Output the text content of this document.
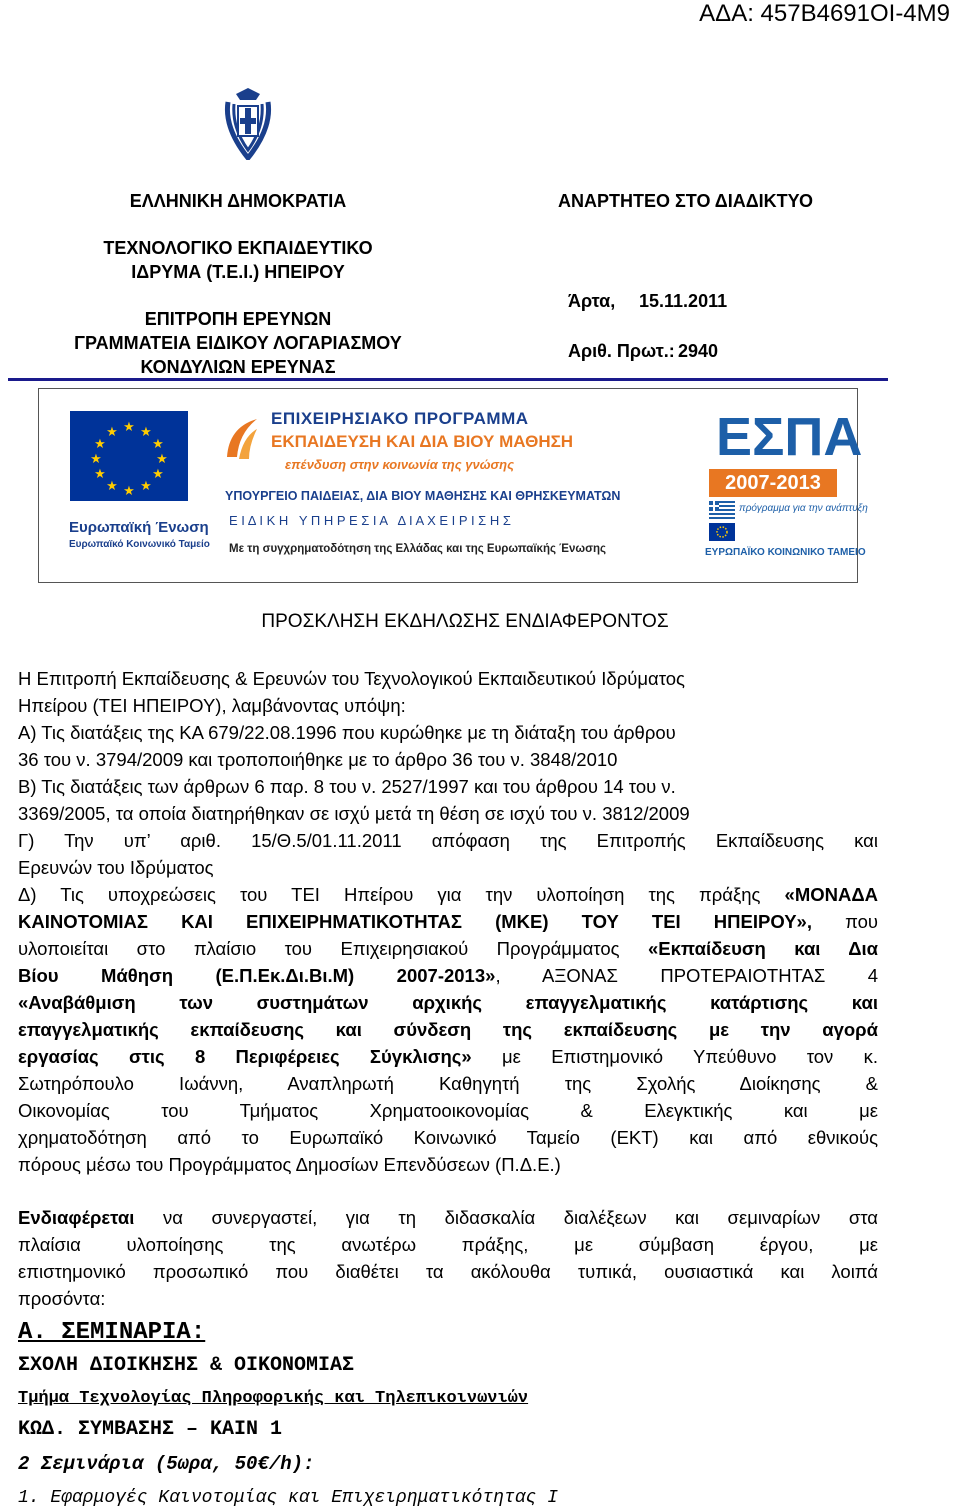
ΑΔΑ: 457Β4691ΟΙ-4Μ9
ΕΛΛΗΝΙΚΗ ΔΗΜΟΚΡΑΤΙΑ
ΤΕΧΝΟΛΟΓΙΚΟ ΕΚΠΑΙΔΕΥΤΙΚΟ
ΙΔΡΥΜΑ (Τ.Ε.Ι.) ΗΠΕΙΡΟΥ
ΕΠΙΤΡΟΠΗ ΕΡΕΥΝΩΝ
ΓΡΑΜΜΑΤΕΙΑ ΕΙΔΙΚΟΥ ΛΟΓΑΡΙΑΣΜΟΥ
ΚΟΝΔΥΛΙΩΝ ΕΡΕΥΝΑΣ
ΑΝΑΡΤΗΤΕΟ ΣΤΟ ΔΙΑΔΙΚΤΥΟ
Άρτα, 15.11.2011
Αριθ. Πρωτ.: 2940
★ ★
★
★
★
★
★
★
★
★
★
★
Ευρωπαϊκή Ένωση
Ευρωπαϊκό Κοινωνικό Ταμείο
ΕΠΙΧΕΙΡΗΣΙΑΚΟ ΠΡΟΓΡΑΜΜΑ
ΕΚΠΑΙΔΕΥΣΗ ΚΑΙ ΔΙΑ ΒΙΟΥ ΜΑΘΗΣΗ
επένδυση στην κοινωνία της γνώσης
ΥΠΟΥΡΓΕΙΟ ΠΑΙΔΕΙΑΣ, ΔΙΑ ΒΙΟΥ ΜΑΘΗΣΗΣ ΚΑΙ ΘΡΗΣΚΕΥΜΑΤΩΝ
Ε Ι Δ Ι Κ Η   Υ Π Η Ρ Ε Σ Ι Α   Δ Ι Α Χ Ε Ι Ρ Ι Σ Η Σ
Με τη συγχρηματοδότηση της Ελλάδας και της Ευρωπαϊκής Ένωσης
ΕΣΠΑ
2007-2013
πρόγραμμα για την ανάπτυξη
ΕΥΡΩΠΑΪΚΟ ΚΟΙΝΩΝΙΚΟ ΤΑΜΕΙΟ
ΠΡΟΣΚΛΗΣΗ ΕΚΔΗΛΩΣΗΣ ΕΝΔΙΑΦΕΡΟΝΤΟΣ
Η Επιτροπή Εκπαίδευσης & Ερευνών του Τεχνολογικού Εκπαιδευτικού Ιδρύματος
Ηπείρου (ΤΕΙ ΗΠΕΙΡΟΥ), λαμβάνοντας υπόψη:
Α) Τις διατάξεις της ΚΑ 679/22.08.1996 που κυρώθηκε με τη διάταξη του άρθρου
36 του ν. 3794/2009 και τροποποιήθηκε με το άρθρο 36 του ν. 3848/2010
Β) Τις διατάξεις των άρθρων 6 παρ. 8 του ν. 2527/1997 και του άρθρου 14 του ν.
3369/2005, τα οποία διατηρήθηκαν σε ισχύ μετά τη θέση σε ισχύ του ν. 3812/2009
Γ) Την υπ’ αριθ. 15/Θ.5/01.11.2011 απόφαση της Επιτροπής Εκπαίδευσης και
Ερευνών του Ιδρύματος
Δ) Τις υποχρεώσεις του ΤΕΙ Ηπείρου για την υλοποίηση της πράξης «ΜΟΝΑΔΑ
ΚΑΙΝΟΤΟΜΙΑΣ ΚΑΙ ΕΠΙΧΕΙΡΗΜΑΤΙΚΟΤΗΤΑΣ (ΜΚΕ) ΤΟΥ ΤΕΙ ΗΠΕΙΡΟΥ», που
υλοποιείται στο πλαίσιο του Επιχειρησιακού Προγράμματος «Εκπαίδευση και Δια
Βίου Μάθηση (Ε.Π.Εκ.Δι.Βι.Μ) 2007-2013», ΑΞΟΝΑΣ ΠΡΟΤΕΡΑΙΟΤΗΤΑΣ 4
«Αναβάθμιση των συστημάτων αρχικής επαγγελματικής κατάρτισης και
επαγγελματικής εκπαίδευσης και σύνδεση της εκπαίδευσης με την αγορά
εργασίας στις 8 Περιφέρειες Σύγκλισης» με Επιστημονικό Υπεύθυνο τον κ.
Σωτηρόπουλο Ιωάννη, Αναπληρωτή Καθηγητή της Σχολής Διοίκησης &
Οικονομίας του Τμήματος Χρηματοοικονομίας & Ελεγκτικής και με
χρηματοδότηση από το Ευρωπαϊκό Κοινωνικό Ταμείο (ΕΚΤ) και από εθνικούς
πόρους μέσω του Προγράμματος Δημοσίων Επενδύσεων (Π.Δ.Ε.)
Ενδιαφέρεται να συνεργαστεί, για τη διδασκαλία διαλέξεων και σεμιναρίων στα
πλαίσια υλοποίησης της ανωτέρω πράξης, με σύμβαση έργου, με
επιστημονικό προσωπικό που διαθέτει τα ακόλουθα τυπικά, ουσιαστικά και λοιπά
προσόντα:
Α. ΣΕΜΙΝΑΡΙΑ:
ΣΧΟΛΗ ΔΙΟΙΚΗΣΗΣ & ΟΙΚΟΝΟΜΙΑΣ
Τμήμα Τεχνολογίας Πληροφορικής και Τηλεπικοινωνιών
ΚΩΔ. ΣΥΜΒΑΣΗΣ – ΚΑΙΝ 1
2 Σεμινάρια (5ωρα, 50€/h):
1. Εφαρμογές Καινοτομίας και Επιχειρηματικότητας Ι
